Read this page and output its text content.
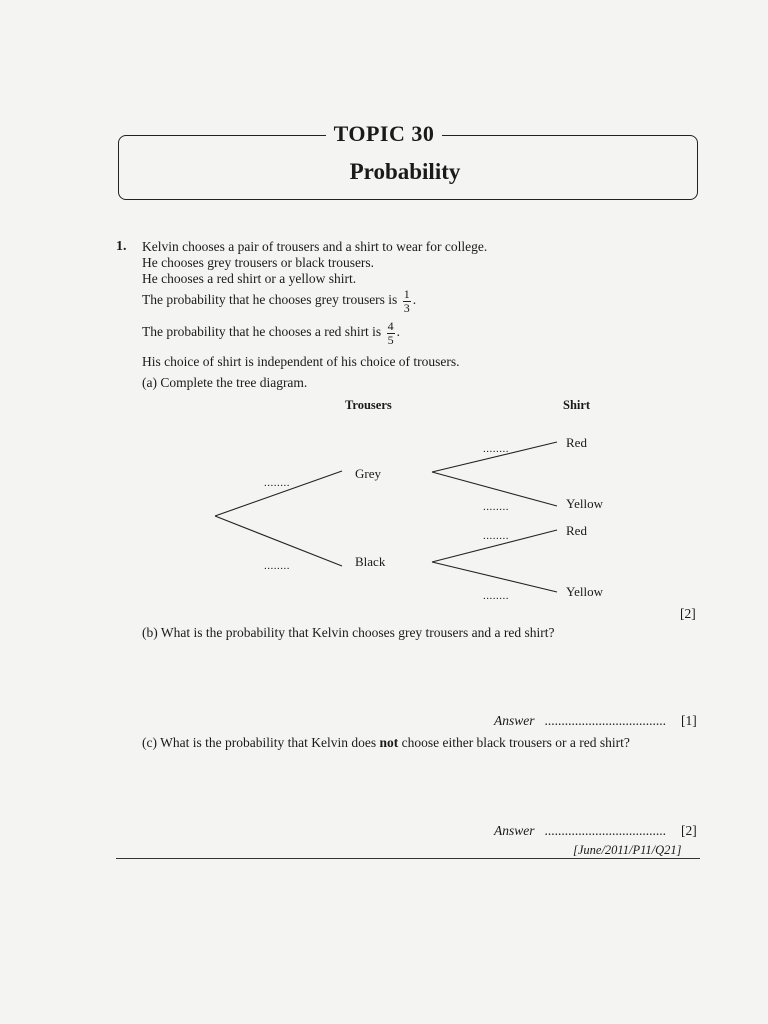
TOPIC 30
Probability
1. Kelvin chooses a pair of trousers and a shirt to wear for college.
He chooses grey trousers or black trousers.
He chooses a red shirt or a yellow shirt.
The probability that he chooses grey trousers is $\frac{1}{3}$ .
The probability that he chooses a red shirt is $\frac{4}{5}$ .
His choice of shirt is independent of his choice of trousers.
(a) Complete the tree diagram.
Trousers	Shirt
........
........
Grey
Black
........
........
........
........
Red
Yellow
Red
Yellow
[2]
(b) What is the probability that Kelvin chooses grey trousers and a red shirt?
Answer .................................... [1]
(c) What is the probability that Kelvin does not choose either black trousers or a red shirt?
Answer .................................... [2]
[June/2011/P11/Q21]
